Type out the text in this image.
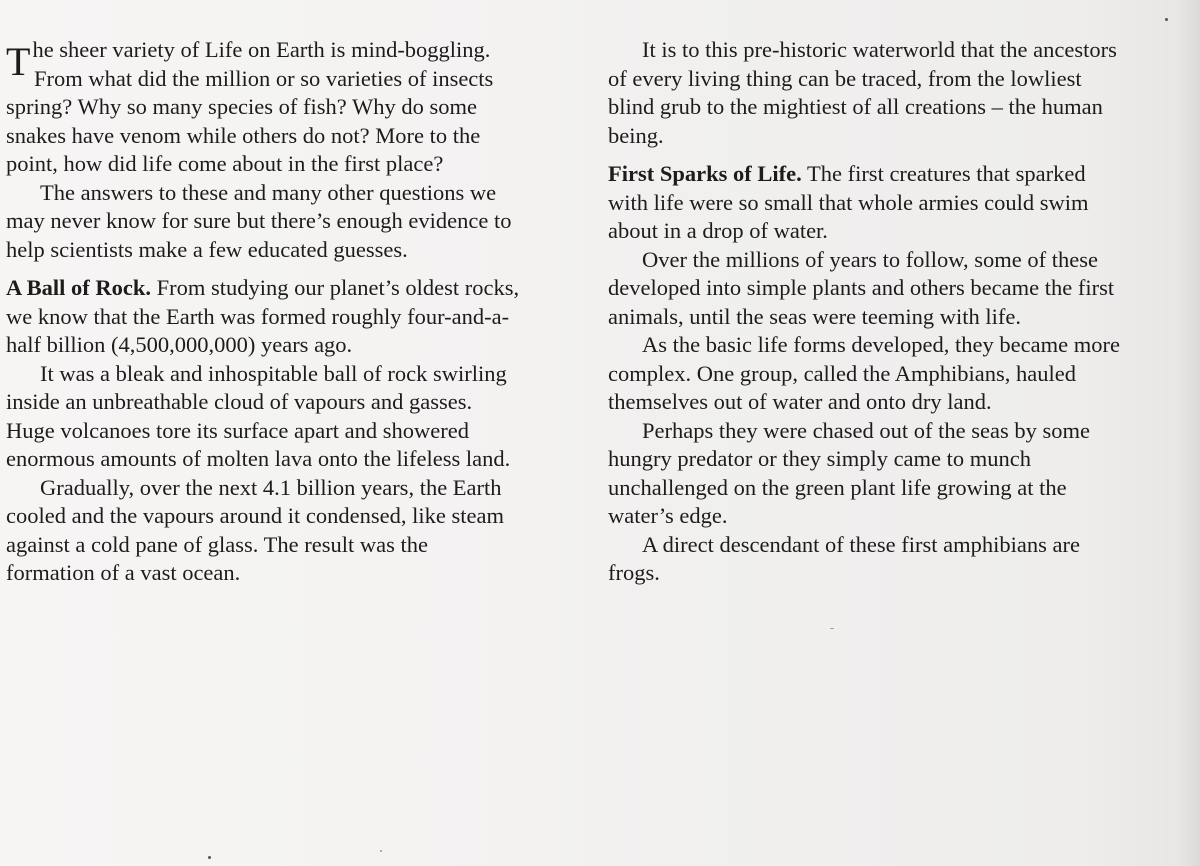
T he sheer variety of Life on Earth is mind-boggling.
From what did the million or so varieties of insects
spring? Why so many species of fish? Why do some
snakes have venom while others do not? More to the
point, how did life come about in the first place?
The answers to these and many other questions we
may never know for sure but there’s enough evidence to
help scientists make a few educated guesses.
A Ball of Rock. From studying our planet’s oldest rocks,
we know that the Earth was formed roughly four-and-a-
half billion (4,500,000,000) years ago.
It was a bleak and inhospitable ball of rock swirling
inside an unbreathable cloud of vapours and gasses.
Huge volcanoes tore its surface apart and showered
enormous amounts of molten lava onto the lifeless land.
Gradually, over the next 4.1 billion years, the Earth
cooled and the vapours around it condensed, like steam
against a cold pane of glass. The result was the
formation of a vast ocean.
It is to this pre-historic waterworld that the ancestors
of every living thing can be traced, from the lowliest
blind grub to the mightiest of all creations – the human
being.
First Sparks of Life. The first creatures that sparked
with life were so small that whole armies could swim
about in a drop of water.
Over the millions of years to follow, some of these
developed into simple plants and others became the first
animals, until the seas were teeming with life.
As the basic life forms developed, they became more
complex. One group, called the Amphibians, hauled
themselves out of water and onto dry land.
Perhaps they were chased out of the seas by some
hungry predator or they simply came to munch
unchallenged on the green plant life growing at the
water’s edge.
A direct descendant of these first amphibians are
frogs.
